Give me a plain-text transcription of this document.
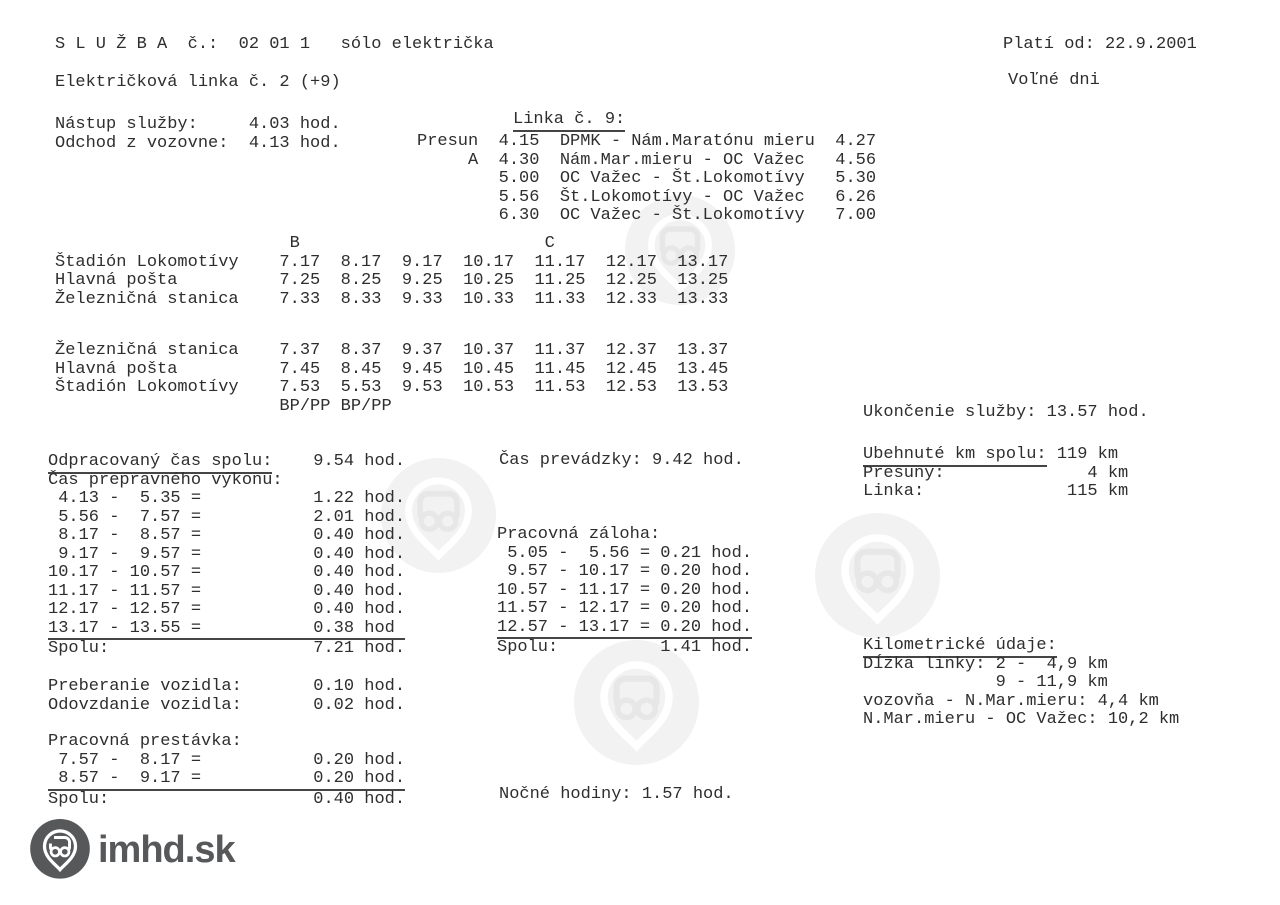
S L U Ž B A  č.:  02 01 1   sólo električka
Električková linka č. 2 (+9)
Platí od: 22.9.2001
Voľné dni
Nástup služby:     4.03 hod.
Odchod z vozovne:  4.13 hod.
Linka č. 9:
Presun  4.15  DPMK - Nám.Maratónu mieru  4.27
A  4.30  Nám.Mar.mieru - OC Važec   4.56
5.00  OC Važec - Št.Lokomotívy   5.30
5.56  Št.Lokomotívy - OC Važec   6.26
6.30  OC Važec - Št.Lokomotívy   7.00
B                        C
Štadión Lokomotívy    7.17  8.17  9.17  10.17  11.17  12.17  13.17
Hlavná pošta          7.25  8.25  9.25  10.25  11.25  12.25  13.25
Železničná stanica    7.33  8.33  9.33  10.33  11.33  12.33  13.33
Železničná stanica    7.37  8.37  9.37  10.37  11.37  12.37  13.37
Hlavná pošta          7.45  8.45  9.45  10.45  11.45  12.45  13.45
Štadión Lokomotívy    7.53  5.53  9.53  10.53  11.53  12.53  13.53
BP/PP BP/PP	Ukončenie služby: 13.57 hod.
Odpracovaný čas spolu:    9.54 hod.
Čas prepravného výkonu:
4.13 -  5.35 =           1.22 hod.
5.56 -  7.57 =           2.01 hod.
8.17 -  8.57 =           0.40 hod.
9.17 -  9.57 =           0.40 hod.
10.17 - 10.57 =           0.40 hod.
11.17 - 11.57 =           0.40 hod.
12.17 - 12.57 =           0.40 hod.
13.17 - 13.55 =           0.38 hod
Spolu:                    7.21 hod.
Čas prevádzky: 9.42 hod.
Pracovná záloha:
5.05 -  5.56 = 0.21 hod.
9.57 - 10.17 = 0.20 hod.
10.57 - 11.17 = 0.20 hod.
11.57 - 12.17 = 0.20 hod.
12.57 - 13.17 = 0.20 hod.
Spolu:          1.41 hod.
Nočné hodiny: 1.57 hod.
Ubehnuté km spolu: 119 km
Presuny:              4 km
Linka:              115 km
Kilometrické údaje:
Dĺžka linky: 2 -  4,9 km
9 - 11,9 km
vozovňa - N.Mar.mieru: 4,4 km
N.Mar.mieru - OC Važec: 10,2 km
Preberanie vozidla:       0.10 hod.
Odovzdanie vozidla:       0.02 hod.
Pracovná prestávka:
7.57 -  8.17 =           0.20 hod.
8.57 -  9.17 =           0.20 hod.
Spolu:                    0.40 hod.
imhd.sk
